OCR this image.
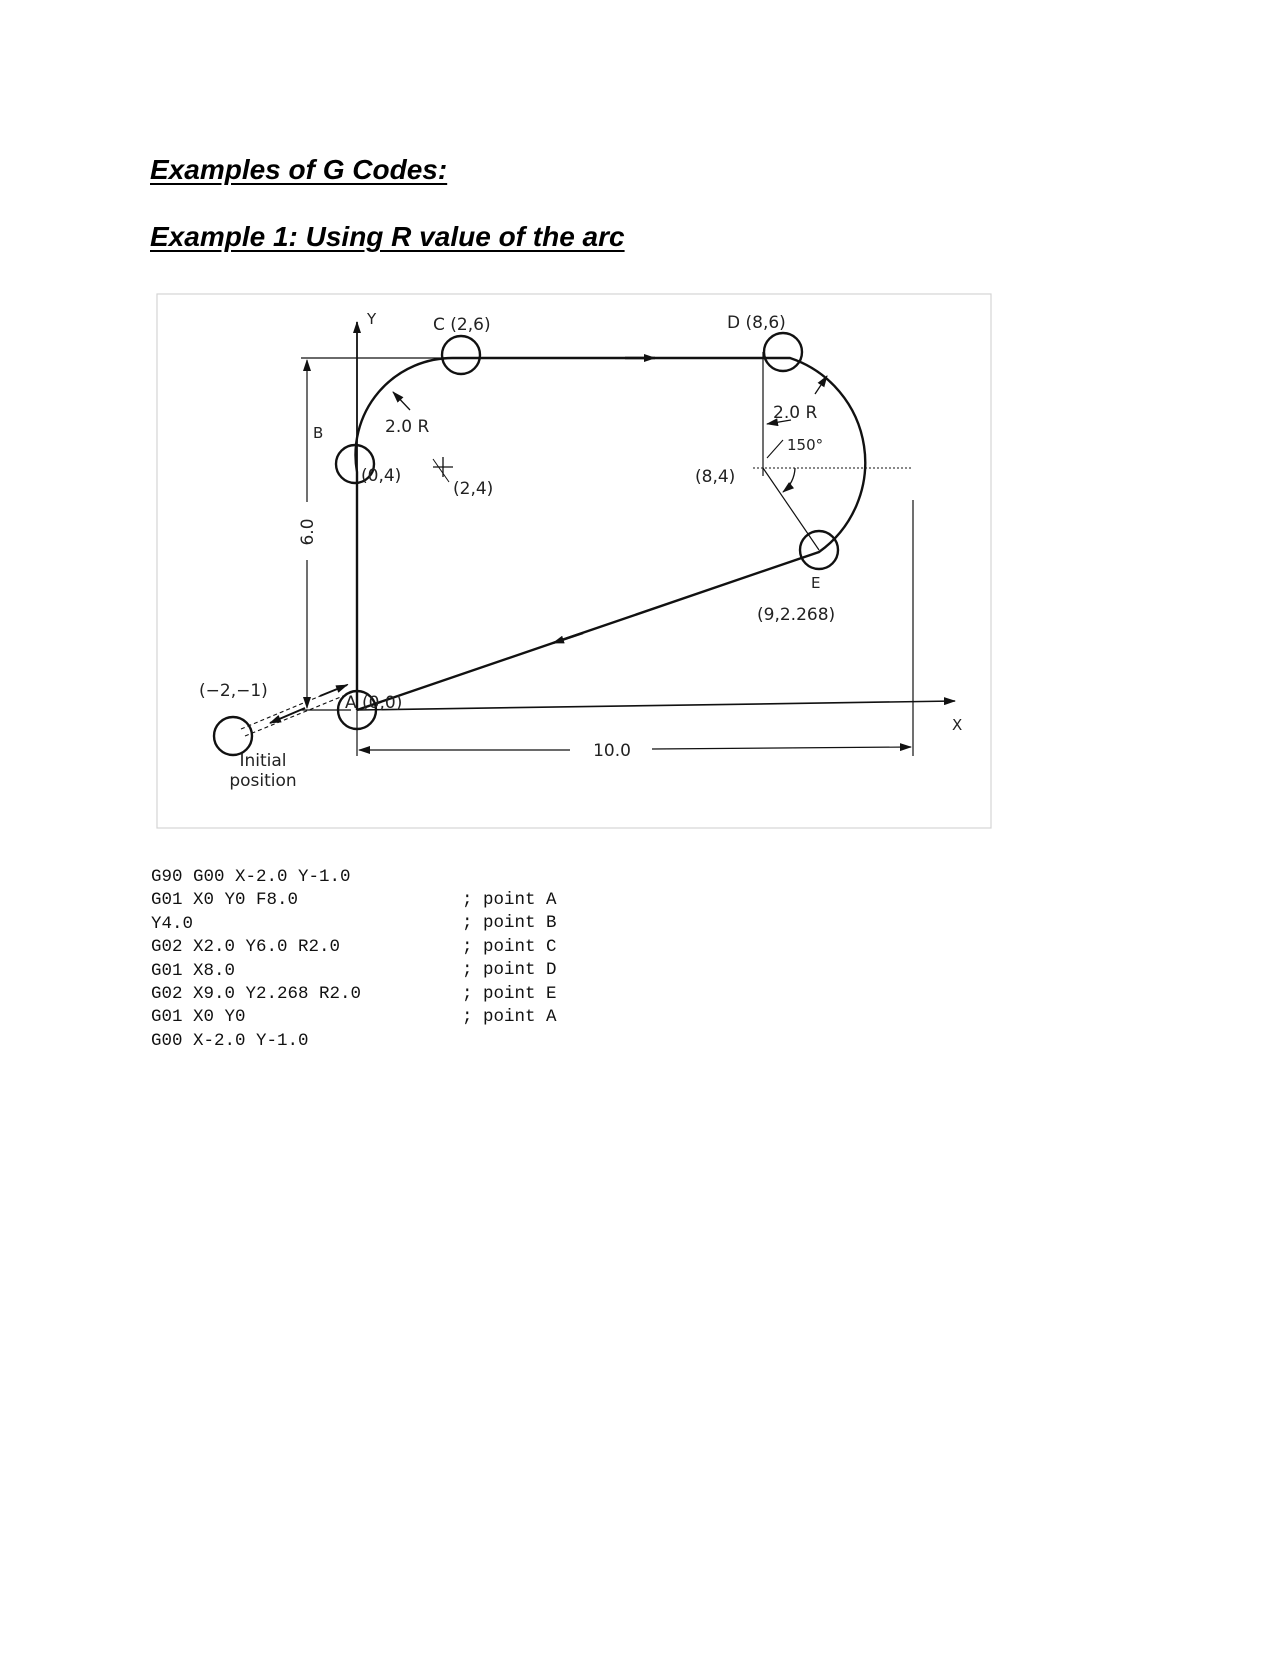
Examples of G Codes:
Example 1: Using R value of the arc
Y
X
6.0
10.0
2.0 R
(2,4)
2.0 R
150°
(8,4)
C (2,6)	D (8,6)
B
(0,4)
E
(9,2.268)
A (0,0)
(−2,−1)
Initial
position
G90 G00 X-2.0 Y-1.0
G01 X0 Y0 F8.0
Y4.0
G02 X2.0 Y6.0 R2.0
G01 X8.0
G02 X9.0 Y2.268 R2.0
G01 X0 Y0
G00 X-2.0 Y-1.0
; point A
; point B
; point C
; point D
; point E
; point A
